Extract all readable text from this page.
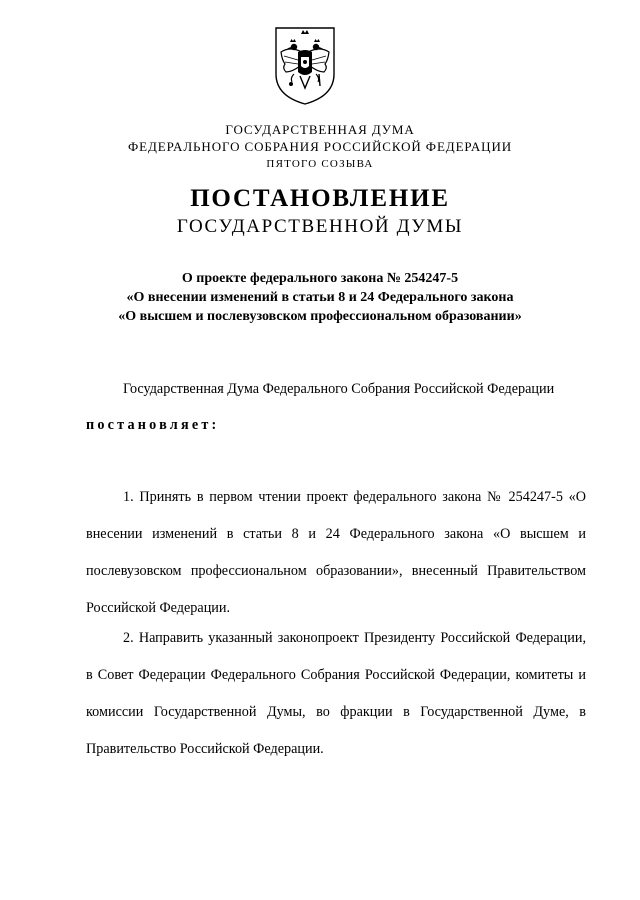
ГОСУДАРСТВЕННАЯ ДУМА
ФЕДЕРАЛЬНОГО СОБРАНИЯ РОССИЙСКОЙ ФЕДЕРАЦИИ
ПЯТОГО СОЗЫВА
ПОСТАНОВЛЕНИЕ
ГОСУДАРСТВЕННОЙ ДУМЫ
О проекте федерального закона № 254247-5
«О внесении изменений в статьи 8 и 24 Федерального закона
«О высшем и послевузовском профессиональном образовании»
Государственная Дума Федерального Собрания Российской Федерации
постановляет:
1. Принять в первом чтении проект федерального закона № 254247-5 «О внесении изменений в статьи 8 и 24 Федерального закона «О высшем и послевузовском профессиональном образовании», внесенный Правительством Российской Федерации.
2. Направить указанный законопроект Президенту Российской Федерации, в Совет Федерации Федерального Собрания Российской Федерации, комитеты и комиссии Государственной Думы, во фракции в Государственной Думе, в Правительство Российской Федерации.
